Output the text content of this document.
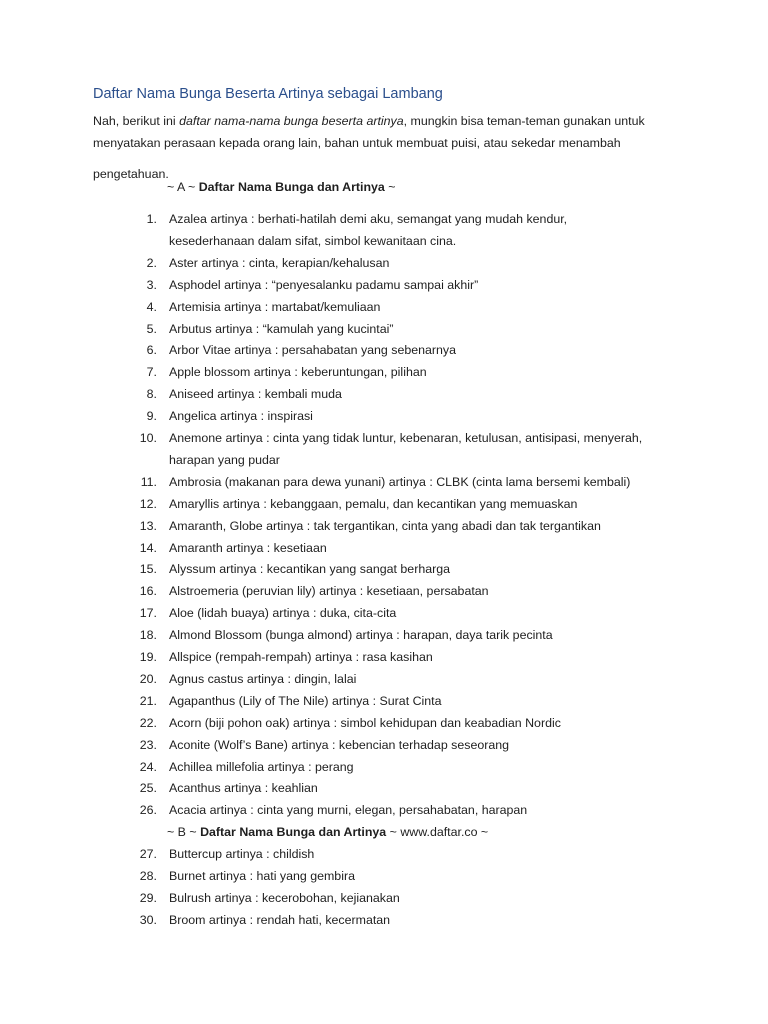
Daftar Nama Bunga Beserta Artinya sebagai Lambang
Nah, berikut ini daftar nama-nama bunga beserta artinya, mungkin bisa teman-teman gunakan untuk
menyatakan perasaan kepada orang lain, bahan untuk membuat puisi, atau sekedar menambah
pengetahuan.
~ A ~ Daftar Nama Bunga dan Artinya ~
~ B ~ Daftar Nama Bunga dan Artinya ~ www.daftar.co ~
1. Azalea artinya : berhati-hatilah demi aku, semangat yang mudah kendur,
kesederhanaan dalam sifat, simbol kewanitaan cina.
2. Aster artinya : cinta, kerapian/kehalusan
3. Asphodel artinya : “penyesalanku padamu sampai akhir”
4. Artemisia artinya : martabat/kemuliaan
5. Arbutus artinya : “kamulah yang kucintai”
6. Arbor Vitae artinya : persahabatan yang sebenarnya
7. Apple blossom artinya : keberuntungan, pilihan
8. Aniseed artinya : kembali muda
9. Angelica artinya : inspirasi
10. Anemone artinya : cinta yang tidak luntur, kebenaran, ketulusan, antisipasi, menyerah,
harapan yang pudar
11. Ambrosia (makanan para dewa yunani) artinya : CLBK (cinta lama bersemi kembali)
12. Amaryllis artinya : kebanggaan, pemalu, dan kecantikan yang memuaskan
13. Amaranth, Globe artinya : tak tergantikan, cinta yang abadi dan tak tergantikan
14. Amaranth artinya : kesetiaan
15. Alyssum artinya : kecantikan yang sangat berharga
16. Alstroemeria (peruvian lily) artinya : kesetiaan, persabatan
17. Aloe (lidah buaya) artinya : duka, cita-cita
18. Almond Blossom (bunga almond) artinya : harapan, daya tarik pecinta
19. Allspice (rempah-rempah) artinya : rasa kasihan
20. Agnus castus artinya : dingin, lalai
21. Agapanthus (Lily of The Nile) artinya : Surat Cinta
22. Acorn (biji pohon oak) artinya : simbol kehidupan dan keabadian Nordic
23. Aconite (Wolf’s Bane) artinya : kebencian terhadap seseorang
24. Achillea millefolia artinya : perang
25. Acanthus artinya : keahlian
26. Acacia artinya : cinta yang murni, elegan, persahabatan, harapan
27. Buttercup artinya : childish
28. Burnet artinya : hati yang gembira
29. Bulrush artinya : kecerobohan, kejianakan
30. Broom artinya : rendah hati, kecermatan
